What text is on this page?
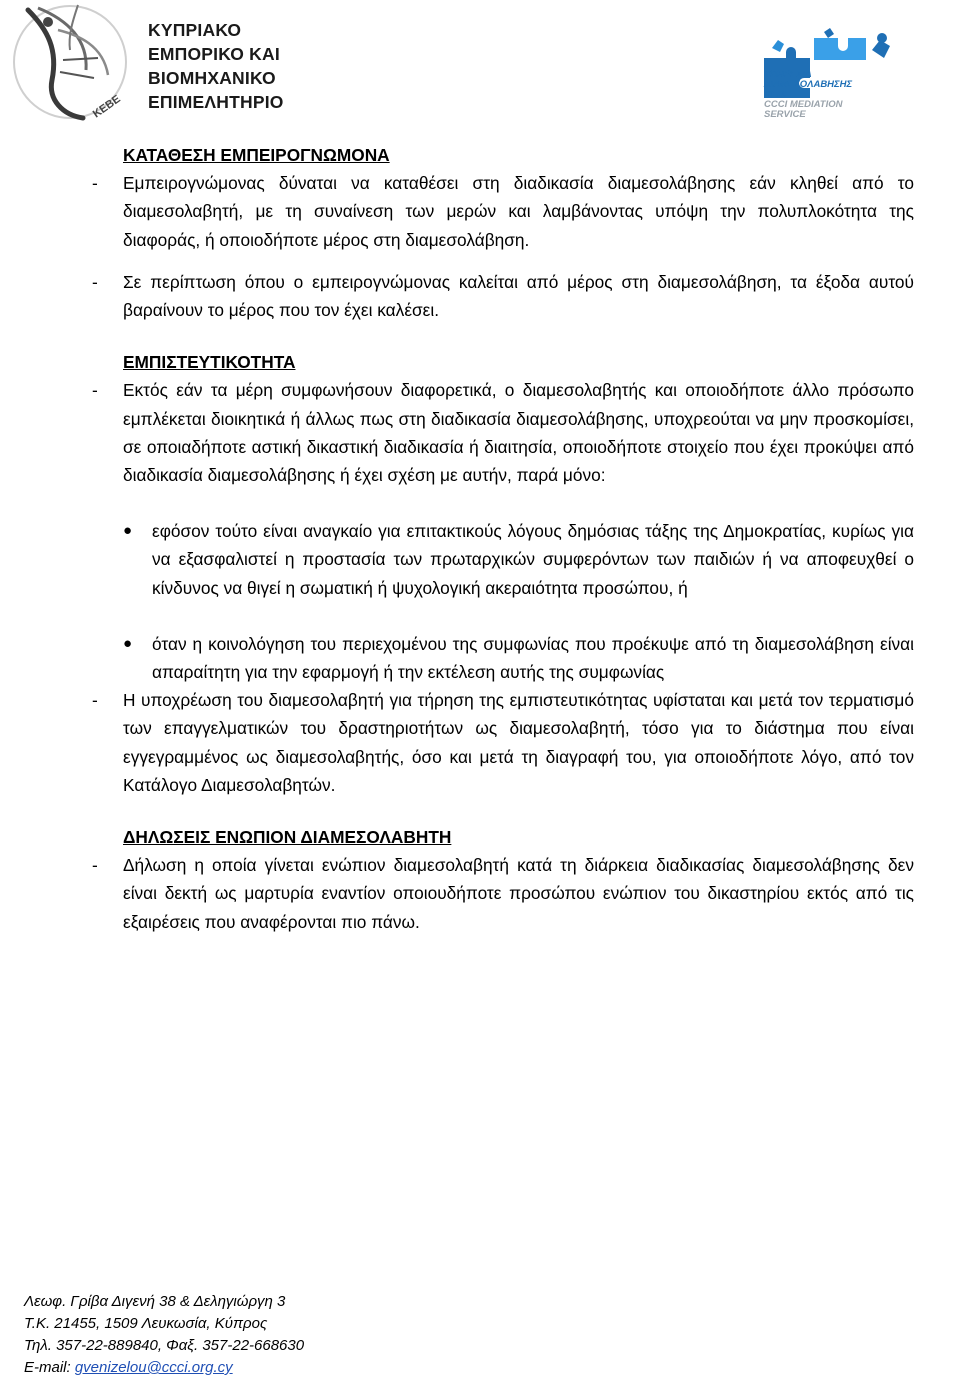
ΚΕΒΕ
ΚΥΠΡΙΑΚΟ
ΕΜΠΟΡΙΚΟ ΚΑΙ
ΒΙΟΜΗΧΑΝΙΚΟ
ΕΠΙΜΕΛΗΤΗΡΙΟ
ΥΠΗΡΕΣΙΑ
ΔΙΑΜΕΣΟΛΑΒΗΣΗΣ
ΚΕΒΕ
CCCI MEDIATION
SERVICE
ΚΑΤΑΘΕΣΗ ΕΜΠΕΙΡΟΓΝΩΜΟΝΑ
-	Εμπειρογνώμονας δύναται να καταθέσει στη διαδικασία διαμεσολάβησης εάν κληθεί από το διαμεσολαβητή, με τη συναίνεση των μερών και λαμβάνοντας υπόψη την πολυπλοκότητα της διαφοράς, ή οποιοδήποτε μέρος στη διαμεσολάβηση.
-	Σε περίπτωση όπου ο εμπειρογνώμονας καλείται από μέρος στη διαμεσολάβηση, τα έξοδα αυτού βαραίνουν το μέρος που τον έχει καλέσει.
ΕΜΠΙΣΤΕΥΤΙΚΟΤΗΤΑ
-	Εκτός εάν τα μέρη συμφωνήσουν διαφορετικά, ο διαμεσολαβητής και οποιοδήποτε άλλο πρόσωπο εμπλέκεται διοικητικά ή άλλως πως στη διαδικασία διαμεσολάβησης, υποχρεούται να μην προσκομίσει, σε οποιαδήποτε αστική δικαστική διαδικασία ή διαιτησία, οποιοδήποτε στοιχείο που έχει προκύψει από διαδικασία διαμεσολάβησης ή έχει σχέση με αυτήν, παρά μόνο:
●	εφόσον τούτο είναι αναγκαίο για επιτακτικούς λόγους δημόσιας τάξης της Δημοκρατίας, κυρίως για να εξασφαλιστεί η προστασία των πρωταρχικών συμφερόντων των παιδιών ή να αποφευχθεί ο κίνδυνος να θιγεί η σωματική ή ψυχολογική ακεραιότητα προσώπου, ή
●	όταν η κοινολόγηση του περιεχομένου της συμφωνίας που προέκυψε από τη διαμεσολάβηση είναι απαραίτητη για την εφαρμογή ή την εκτέλεση αυτής της συμφωνίας
-	Η υποχρέωση του διαμεσολαβητή για τήρηση της εμπιστευτικότητας υφίσταται και μετά τον τερματισμό των επαγγελματικών του δραστηριοτήτων ως διαμεσολαβητή, τόσο για το διάστημα που είναι εγγεγραμμένος ως διαμεσολαβητής, όσο και μετά τη διαγραφή του, για οποιοδήποτε λόγο, από τον Κατάλογο Διαμεσολαβητών.
ΔΗΛΩΣΕΙΣ ΕΝΩΠΙΟΝ ΔΙΑΜΕΣΟΛΑΒΗΤΗ
-	Δήλωση η οποία γίνεται ενώπιον διαμεσολαβητή κατά τη διάρκεια διαδικασίας διαμεσολάβησης δεν είναι δεκτή ως μαρτυρία εναντίον οποιουδήποτε προσώπου ενώπιον του δικαστηρίου εκτός από τις εξαιρέσεις που αναφέρονται πιο πάνω.
Λεωφ. Γρίβα Διγενή 38 & Δεληγιώργη 3
Τ.Κ. 21455, 1509 Λευκωσία, Κύπρος
Τηλ. 357-22-889840, Φαξ. 357-22-668630
E-mail: gvenizelou@ccci.org.cy
